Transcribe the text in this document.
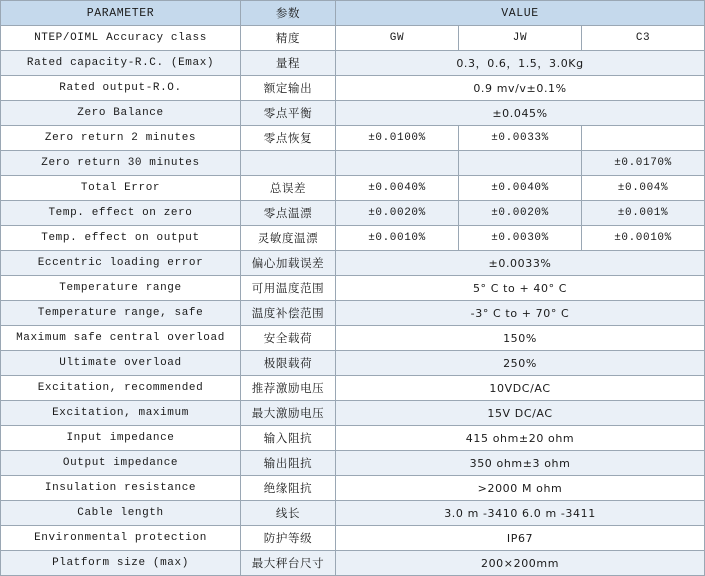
PARAMETER	参数	VALUE		
NTEP/OIML Accuracy class	精度	GW	JW	C3
Rated capacity-R.C. (Emax)	量程	0.3，0.6，1.5，3.0Kg		
Rated output-R.O.	额定输出	0.9 mv/v±0.1%		
Zero Balance	零点平衡	±0.045%		
Zero return 2 minutes	零点恢复	±0.0100%	±0.0033%	
Zero return 30 minutes				±0.0170%
Total Error	总误差	±0.0040%	±0.0040%	±0.004%
Temp. effect on zero	零点温漂	±0.0020%	±0.0020%	±0.001%
Temp. effect on output	灵敏度温漂	±0.0010%	±0.0030%	±0.0010%
Eccentric loading error	偏心加载误差	±0.0033%		
Temperature range	可用温度范围	5° C to + 40° C		
Temperature range, safe	温度补偿范围	-3° C to + 70° C		
Maximum safe central overload	安全载荷	150%		
Ultimate overload	极限载荷	250%		
Excitation, recommended	推荐激励电压	10VDC/AC		
Excitation, maximum	最大激励电压	15V DC/AC		
Input impedance	输入阻抗	415 ohm±20 ohm		
Output impedance	输出阻抗	350 ohm±3 ohm		
Insulation resistance	绝缘阻抗	>2000 M ohm		
Cable length	线长	3.0 m -3410 6.0 m -3411		
Environmental protection	防护等级	IP67		
Platform size (max)	最大秤台尺寸	200×200mm		
